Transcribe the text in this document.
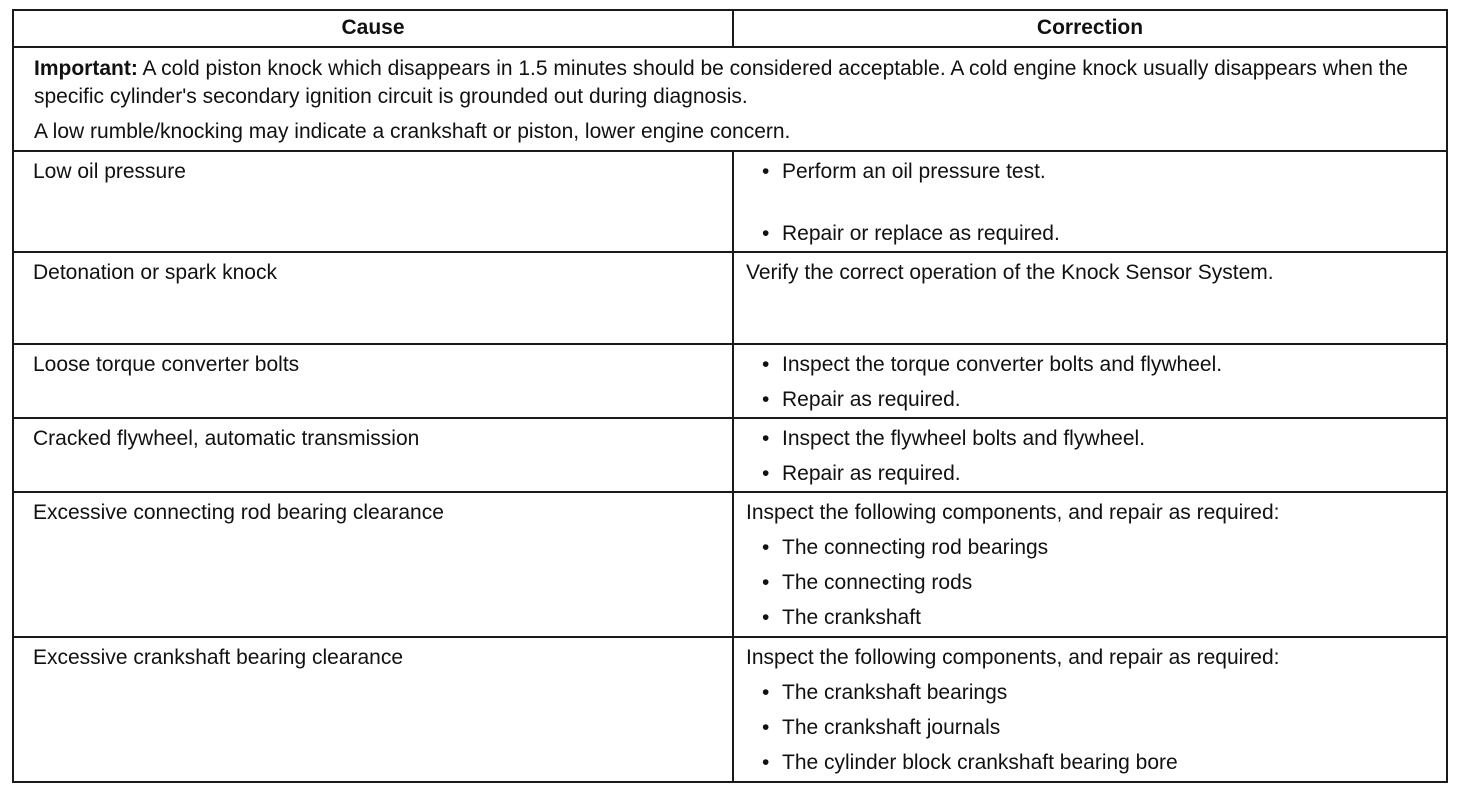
Cause	Correction

Important: A cold piston knock which disappears in 1.5 minutes should be considered acceptable. A cold engine knock usually disappears when the specific cylinder's secondary ignition circuit is grounded out during diagnosis.

A low rumble/knocking may indicate a crankshaft or piston, lower engine concern.

Low oil pressure	• Perform an oil pressure test.
• Repair or replace as required.
Detonation or spark knock	Verify the correct operation of the Knock Sensor System.
Loose torque converter bolts	• Inspect the torque converter bolts and flywheel.
• Repair as required.
Cracked flywheel, automatic transmission	• Inspect the flywheel bolts and flywheel.
• Repair as required.
Excessive connecting rod bearing clearance	Inspect the following components, and repair as required:
• The connecting rod bearings
• The connecting rods
• The crankshaft
Excessive crankshaft bearing clearance	Inspect the following components, and repair as required:
• The crankshaft bearings
• The crankshaft journals
• The cylinder block crankshaft bearing bore
